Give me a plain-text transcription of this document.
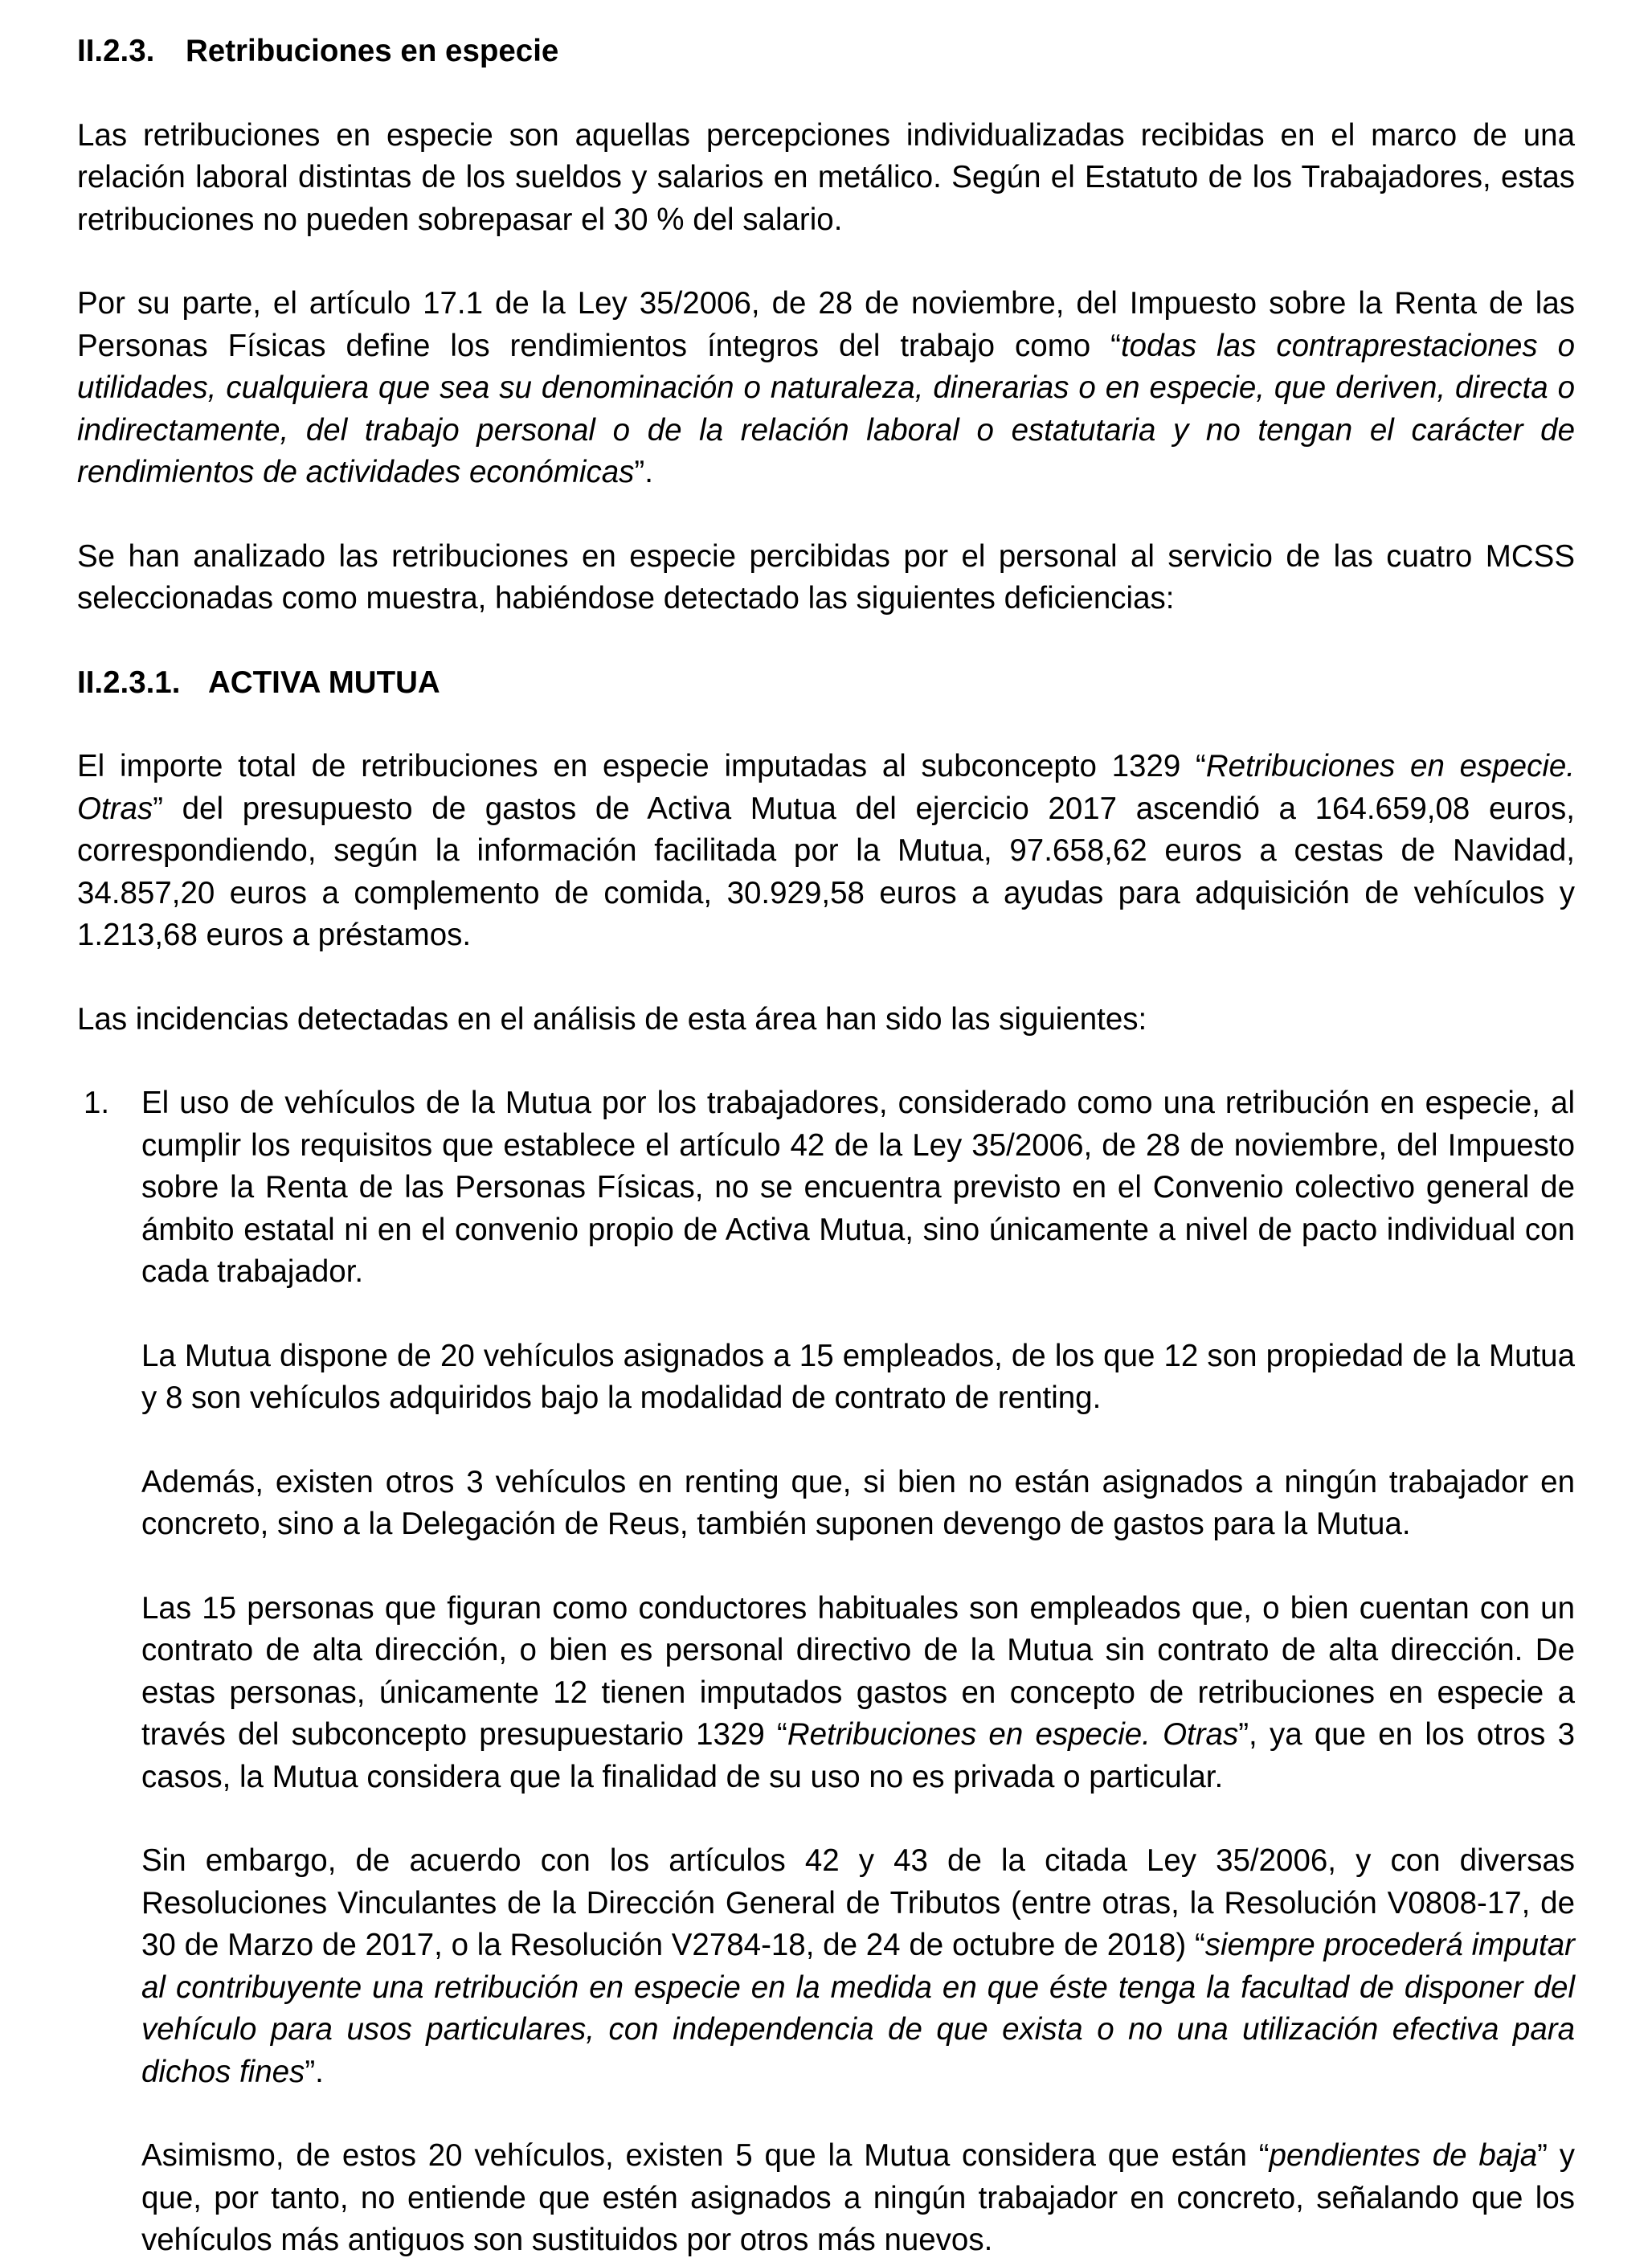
II.2.3. Retribuciones en especie

Las retribuciones en especie son aquellas percepciones individualizadas recibidas en el marco de una relación laboral distintas de los sueldos y salarios en metálico. Según el Estatuto de los Trabajadores, estas retribuciones no pueden sobrepasar el 30 % del salario.

Por su parte, el artículo 17.1 de la Ley 35/2006, de 28 de noviembre, del Impuesto sobre la Renta de las Personas Físicas define los rendimientos íntegros del trabajo como “todas las contraprestaciones o utilidades, cualquiera que sea su denominación o naturaleza, dinerarias o en especie, que deriven, directa o indirectamente, del trabajo personal o de la relación laboral o estatutaria y no tengan el carácter de rendimientos de actividades económicas”.

Se han analizado las retribuciones en especie percibidas por el personal al servicio de las cuatro MCSS seleccionadas como muestra, habiéndose detectado las siguientes deficiencias:

II.2.3.1. ACTIVA MUTUA

El importe total de retribuciones en especie imputadas al subconcepto 1329 “Retribuciones en especie. Otras” del presupuesto de gastos de Activa Mutua del ejercicio 2017 ascendió a 164.659,08 euros, correspondiendo, según la información facilitada por la Mutua, 97.658,62 euros a cestas de Navidad, 34.857,20 euros a complemento de comida, 30.929,58 euros a ayudas para adquisición de vehículos y 1.213,68 euros a préstamos.

Las incidencias detectadas en el análisis de esta área han sido las siguientes:

1. El uso de vehículos de la Mutua por los trabajadores, considerado como una retribución en especie, al cumplir los requisitos que establece el artículo 42 de la Ley 35/2006, de 28 de noviembre, del Impuesto sobre la Renta de las Personas Físicas, no se encuentra previsto en el Convenio colectivo general de ámbito estatal ni en el convenio propio de Activa Mutua, sino únicamente a nivel de pacto individual con cada trabajador.

La Mutua dispone de 20 vehículos asignados a 15 empleados, de los que 12 son propiedad de la Mutua y 8 son vehículos adquiridos bajo la modalidad de contrato de renting.

Además, existen otros 3 vehículos en renting que, si bien no están asignados a ningún trabajador en concreto, sino a la Delegación de Reus, también suponen devengo de gastos para la Mutua.

Las 15 personas que figuran como conductores habituales son empleados que, o bien cuentan con un contrato de alta dirección, o bien es personal directivo de la Mutua sin contrato de alta dirección. De estas personas, únicamente 12 tienen imputados gastos en concepto de retribuciones en especie a través del subconcepto presupuestario 1329 “Retribuciones en especie. Otras”, ya que en los otros 3 casos, la Mutua considera que la finalidad de su uso no es privada o particular.

Sin embargo, de acuerdo con los artículos 42 y 43 de la citada Ley 35/2006, y con diversas Resoluciones Vinculantes de la Dirección General de Tributos (entre otras, la Resolución V0808-17, de 30 de Marzo de 2017, o la Resolución V2784-18, de 24 de octubre de 2018) “siempre procederá imputar al contribuyente una retribución en especie en la medida en que éste tenga la facultad de disponer del vehículo para usos particulares, con independencia de que exista o no una utilización efectiva para dichos fines”.

Asimismo, de estos 20 vehículos, existen 5 que la Mutua considera que están “pendientes de baja” y que, por tanto, no entiende que estén asignados a ningún trabajador en concreto, señalando que los vehículos más antiguos son sustituidos por otros más nuevos.
